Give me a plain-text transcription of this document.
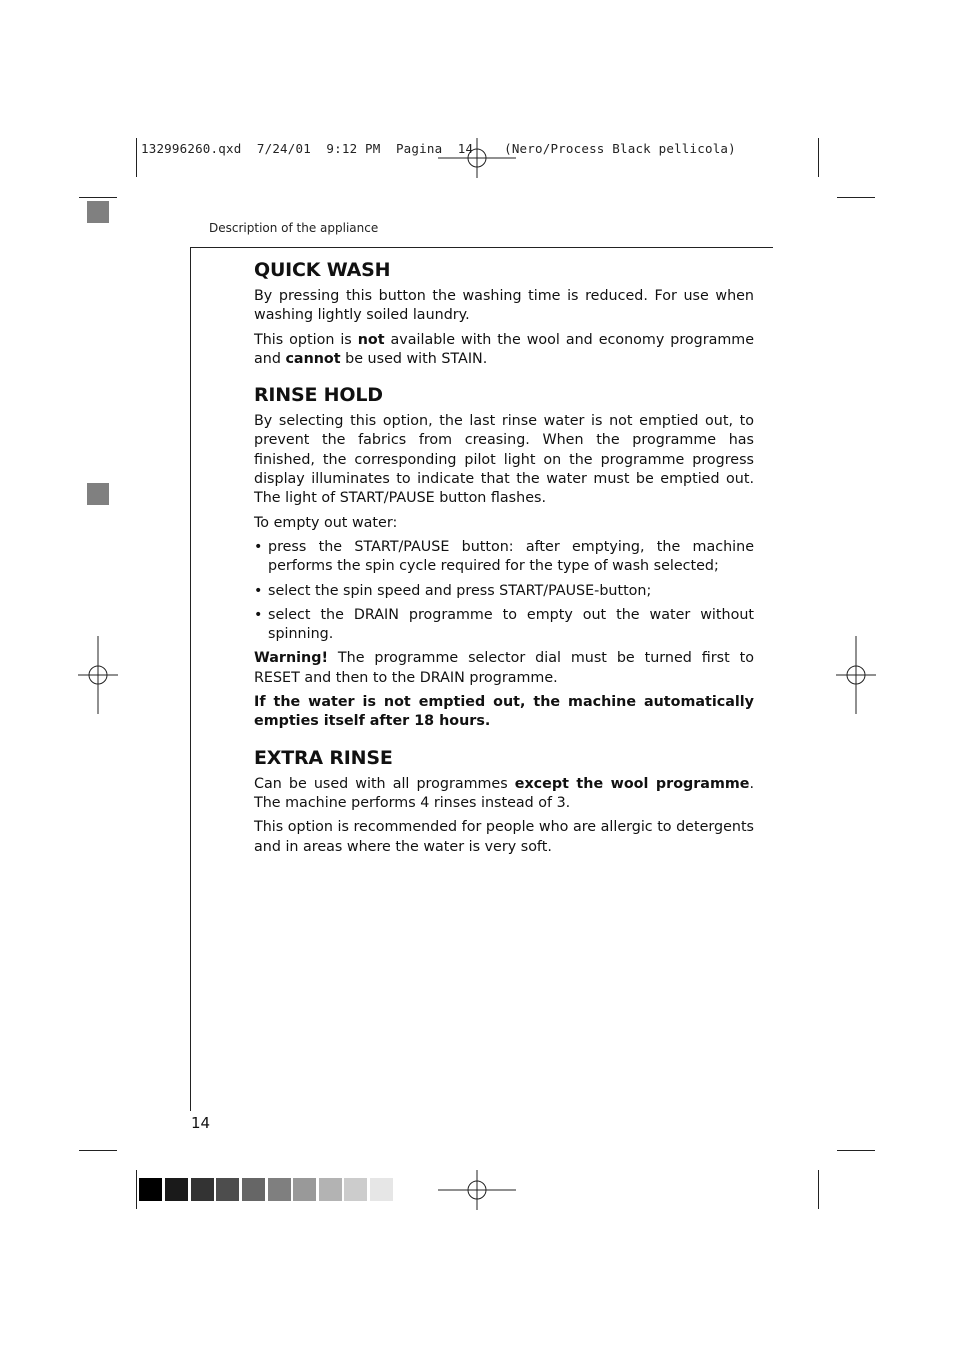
132996260.qxd  7/24/01  9:12 PM  Pagina  14    (Nero/Process Black pellicola)
Description of the appliance
QUICK WASH

By pressing this button the washing time is reduced. For use when washing lightly soiled laundry.

This option is not available with the wool and economy programme and cannot be used with STAIN.

RINSE HOLD

By selecting this option, the last rinse water is not emptied out, to prevent the fabrics from creasing. When the programme has finished, the corresponding pilot light on the programme progress display illuminates to indicate that the water must be emptied out. The light of START/PAUSE button flashes.

To empty out water:

• press the START/PAUSE button: after emptying, the machine performs the spin cycle required for the type of wash selected;
• select the spin speed and press START/PAUSE-button;
• select the DRAIN programme to empty out the water without spinning.

Warning! The programme selector dial must be turned first to RESET and then to the DRAIN programme.

If the water is not emptied out, the machine automatically empties itself after 18 hours.

EXTRA RINSE

Can be used with all programmes except the wool programme. The machine performs 4 rinses instead of 3.

This option is recommended for people who are allergic to detergents and in areas where the water is very soft.

14
